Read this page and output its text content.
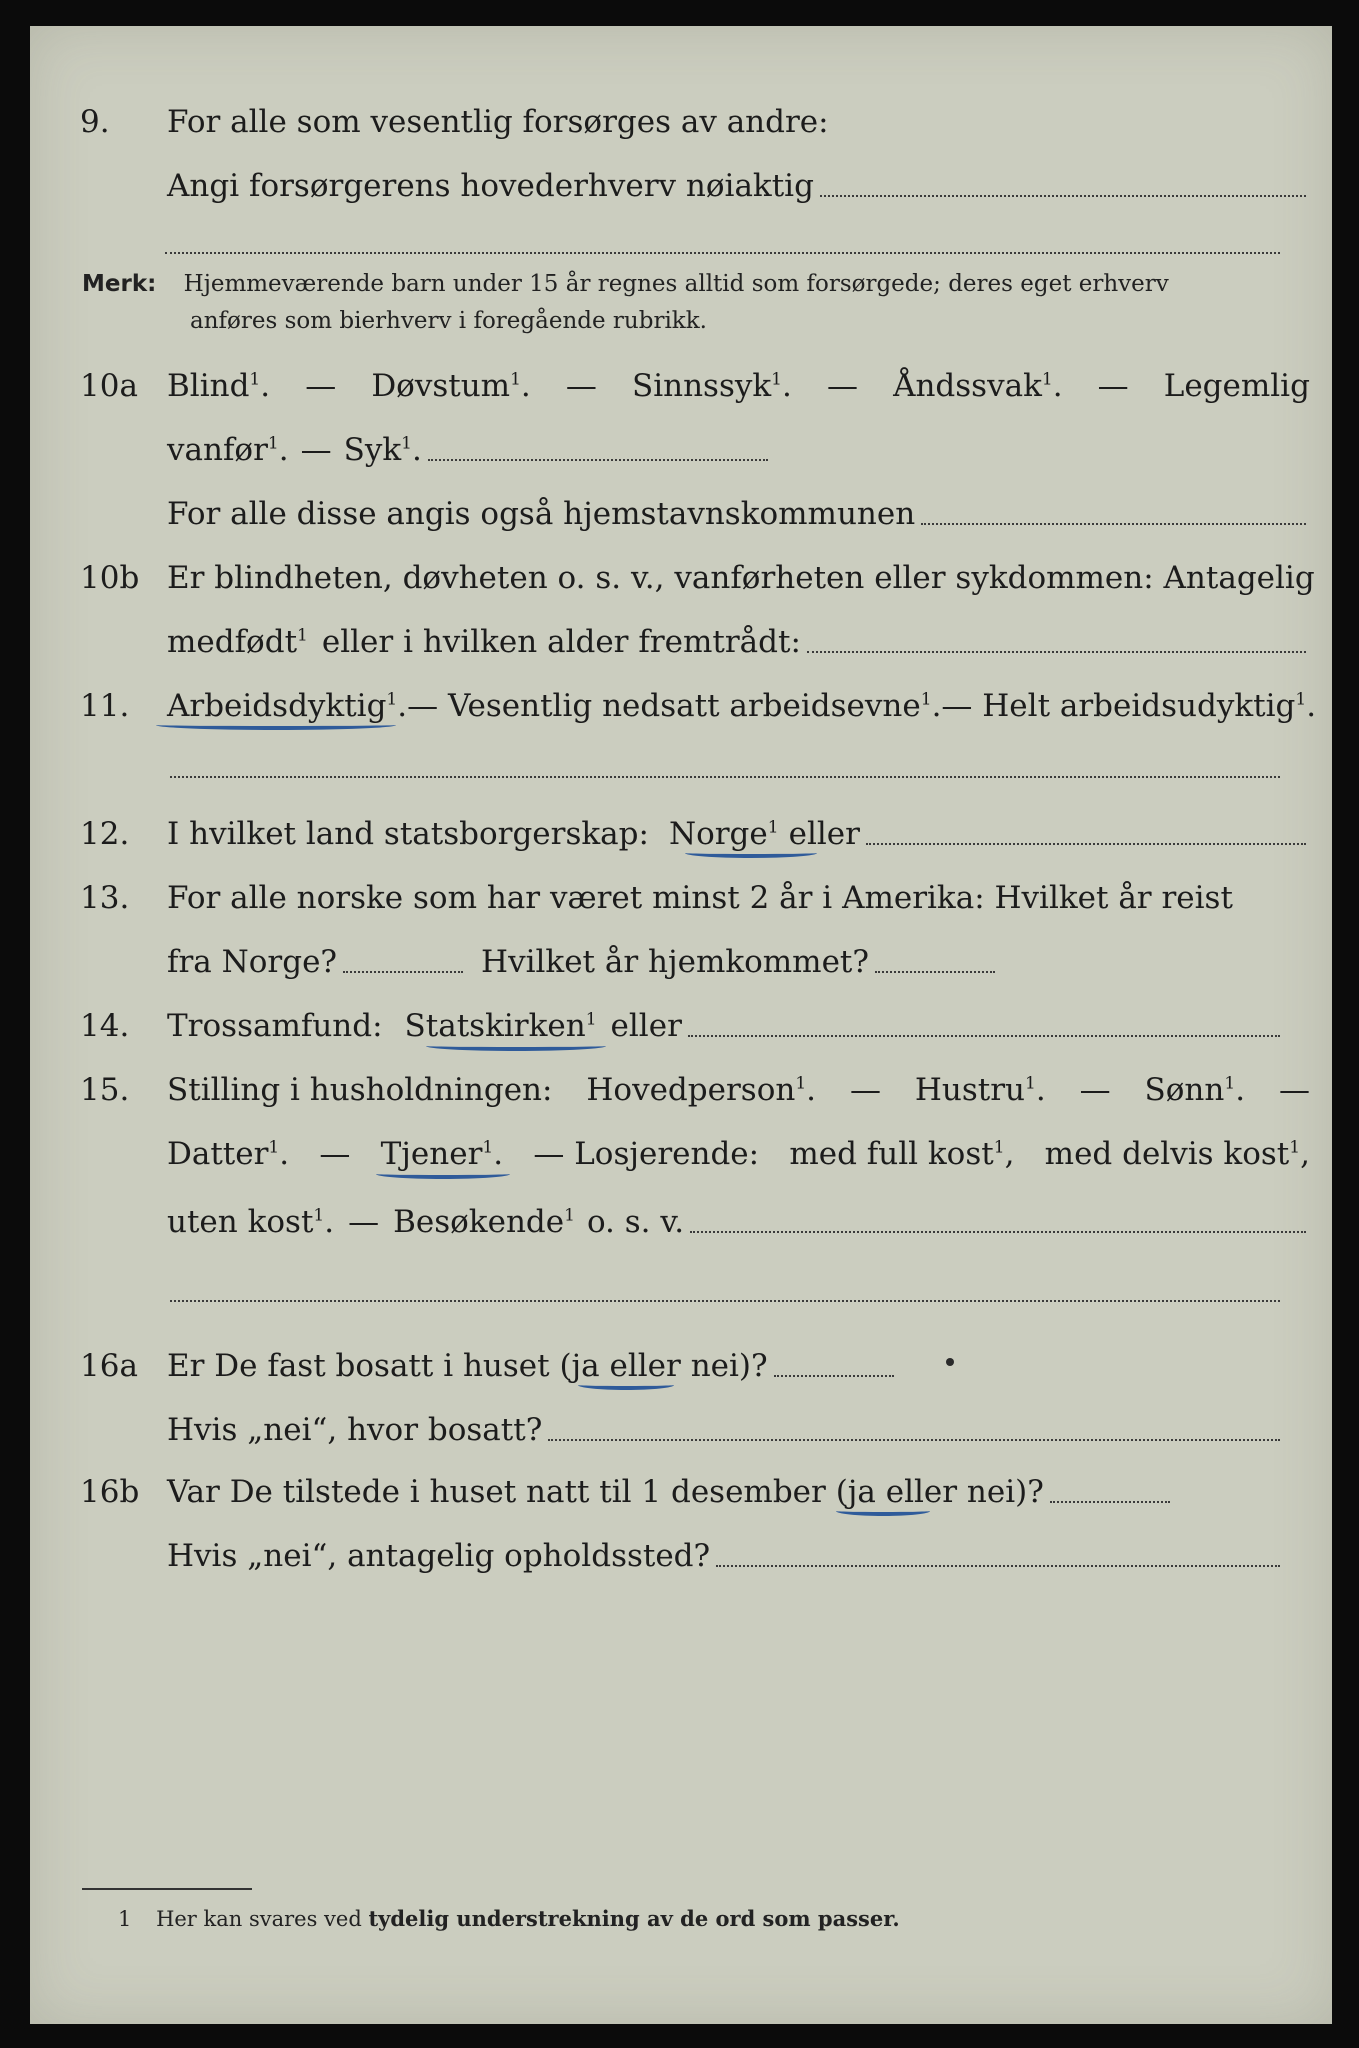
9. For alle som vesentlig forsørges av andre:
Angi forsørgerens hovederhverv nøiaktig
Merk: Hjemmeværende barn under 15 år regnes alltid som forsørgede; deres eget erhverv
anføres som bierhverv i foregående rubrikk.
10a Blind$^1$. — Døvstum$^1$. — Sinnssyk$^1$. — Åndssvak$^1$. — Legemlig
vanfør$^1$. — Syk$^1$.
For alle disse angis også hjemstavnskommunen
10b Er blindheten, døvheten o. s. v., vanførheten eller sykdommen: Antagelig
medfødt$^1$ eller i hvilken alder fremtrådt:
11. Arbeidsdyktig$^1$. — Vesentlig nedsatt arbeidsevne$^1$. — Helt arbeidsudyktig$^1$.
12. I hvilket land statsborgerskap: Norge$^1$ eller
13. For alle norske som har været minst 2 år i Amerika: Hvilket år reist
fra Norge?	Hvilket år hjemkommet?
14. Trossamfund: Statskirken$^1$ eller
15. Stilling i husholdningen: Hovedperson$^1$. — Hustru$^1$. — Sønn$^1$. —
Datter$^1$. — Tjener$^1$. — Losjerende: med full kost$^1$, med delvis kost$^1$,
uten kost$^1$. — Besøkende$^1$ o. s. v.
16a Er De fast bosatt i huset (ja eller nei)?
Hvis „nei“, hvor bosatt?
16b Var De tilstede i huset natt til 1 desember (ja eller nei)?
Hvis „nei“, antagelig opholdssted?
1 Her kan svares ved tydelig understrekning av de ord som passer.
